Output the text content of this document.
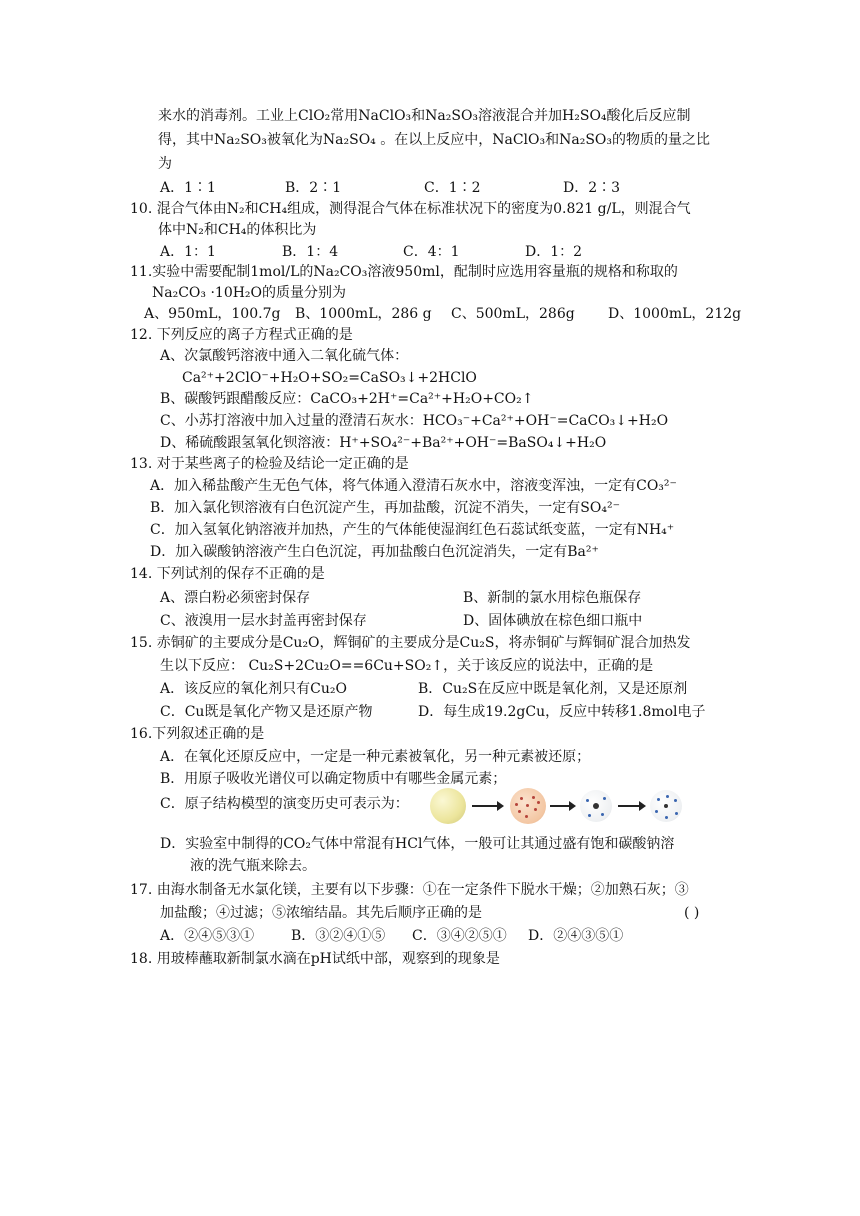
来水的消毒剂。工业上ClO₂常用NaClO₃和Na₂SO₃溶液混合并加H₂SO₄酸化后反应制
得，其中Na₂SO₃被氧化为Na₂SO₄ 。在以上反应中，NaClO₃和Na₂SO₃的物质的量之比
为
A．1∶1	B．2∶1	C．1∶2	D．2∶3
10. 混合气体由N₂和CH₄组成，测得混合气体在标准状况下的密度为0.821 g/L，则混合气
体中N₂和CH₄的体积比为
A．1：1	B．1：4	C．4：1	D．1：2
11.实验中需要配制1mol/L的Na₂CO₃溶液950ml，配制时应选用容量瓶的规格和称取的
Na₂CO₃ ·10H₂O的质量分别为
A、950mL，100.7g B、1000mL，286 g C、500mL，286g D、1000mL，212g
12. 下列反应的离子方程式正确的是
A、次氯酸钙溶液中通入二氧化硫气体：
Ca²⁺+2ClO⁻+H₂O+SO₂=CaSO₃↓+2HClO
B、碳酸钙跟醋酸反应：CaCO₃+2H⁺=Ca²⁺+H₂O+CO₂↑
C、小苏打溶液中加入过量的澄清石灰水：HCO₃⁻+Ca²⁺+OH⁻=CaCO₃↓+H₂O
D、稀硫酸跟氢氧化钡溶液：H⁺+SO₄²⁻+Ba²⁺+OH⁻=BaSO₄↓+H₂O
13. 对于某些离子的检验及结论一定正确的是
A．加入稀盐酸产生无色气体，将气体通入澄清石灰水中，溶液变浑浊，一定有CO₃²⁻
B．加入氯化钡溶液有白色沉淀产生，再加盐酸，沉淀不消失，一定有SO₄²⁻
C．加入氢氧化钠溶液并加热，产生的气体能使湿润红色石蕊试纸变蓝，一定有NH₄⁺
D．加入碳酸钠溶液产生白色沉淀，再加盐酸白色沉淀消失，一定有Ba²⁺
14. 下列试剂的保存不正确的是
A、漂白粉必须密封保存	B、新制的氯水用棕色瓶保存
C、液溴用一层水封盖再密封保存	D、固体碘放在棕色细口瓶中
15. 赤铜矿的主要成分是Cu₂O，辉铜矿的主要成分是Cu₂S，将赤铜矿与辉铜矿混合加热发
生以下反应： Cu₂S+2Cu₂O==6Cu+SO₂↑，关于该反应的说法中，正确的是
A．该反应的氧化剂只有Cu₂O	B．Cu₂S在反应中既是氧化剂，又是还原剂
C．Cu既是氧化产物又是还原产物	D．每生成19.2gCu，反应中转移1.8mol电子
16.下列叙述正确的是
A．在氧化还原反应中，一定是一种元素被氧化，另一种元素被还原；
B．用原子吸收光谱仪可以确定物质中有哪些金属元素；
C．原子结构模型的演变历史可表示为：
D．实验室中制得的CO₂气体中常混有HCl气体，一般可让其通过盛有饱和碳酸钠溶
液的洗气瓶来除去。
17. 由海水制备无水氯化镁，主要有以下步骤：①在一定条件下脱水干燥；②加熟石灰；③
加盐酸；④过滤；⑤浓缩结晶。其先后顺序正确的是	( )
A．②④⑤③①	B．③②④①⑤ C．③④②⑤① D．②④③⑤①
18. 用玻棒蘸取新制氯水滴在pH试纸中部，观察到的现象是
